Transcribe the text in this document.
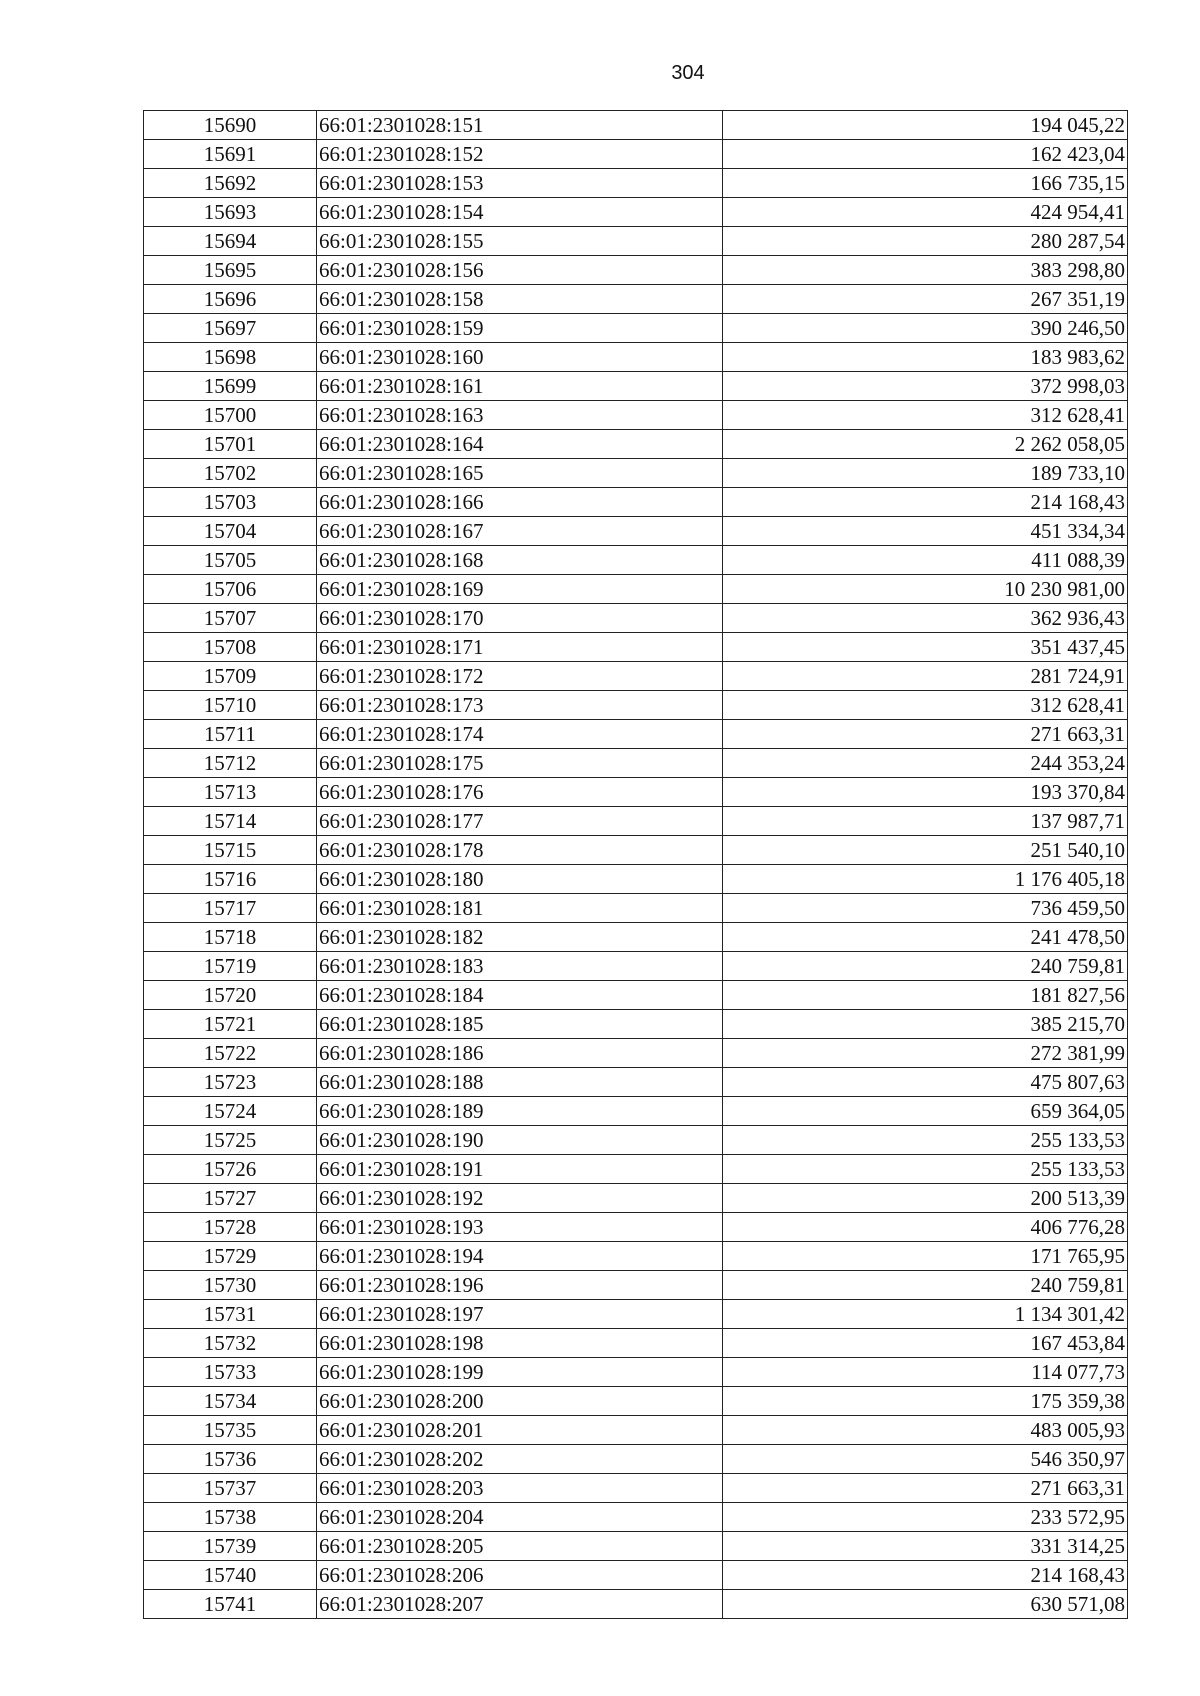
304
15690	66:01:2301028:151	194 045,22
15691	66:01:2301028:152	162 423,04
15692	66:01:2301028:153	166 735,15
15693	66:01:2301028:154	424 954,41
15694	66:01:2301028:155	280 287,54
15695	66:01:2301028:156	383 298,80
15696	66:01:2301028:158	267 351,19
15697	66:01:2301028:159	390 246,50
15698	66:01:2301028:160	183 983,62
15699	66:01:2301028:161	372 998,03
15700	66:01:2301028:163	312 628,41
15701	66:01:2301028:164	2 262 058,05
15702	66:01:2301028:165	189 733,10
15703	66:01:2301028:166	214 168,43
15704	66:01:2301028:167	451 334,34
15705	66:01:2301028:168	411 088,39
15706	66:01:2301028:169	10 230 981,00
15707	66:01:2301028:170	362 936,43
15708	66:01:2301028:171	351 437,45
15709	66:01:2301028:172	281 724,91
15710	66:01:2301028:173	312 628,41
15711	66:01:2301028:174	271 663,31
15712	66:01:2301028:175	244 353,24
15713	66:01:2301028:176	193 370,84
15714	66:01:2301028:177	137 987,71
15715	66:01:2301028:178	251 540,10
15716	66:01:2301028:180	1 176 405,18
15717	66:01:2301028:181	736 459,50
15718	66:01:2301028:182	241 478,50
15719	66:01:2301028:183	240 759,81
15720	66:01:2301028:184	181 827,56
15721	66:01:2301028:185	385 215,70
15722	66:01:2301028:186	272 381,99
15723	66:01:2301028:188	475 807,63
15724	66:01:2301028:189	659 364,05
15725	66:01:2301028:190	255 133,53
15726	66:01:2301028:191	255 133,53
15727	66:01:2301028:192	200 513,39
15728	66:01:2301028:193	406 776,28
15729	66:01:2301028:194	171 765,95
15730	66:01:2301028:196	240 759,81
15731	66:01:2301028:197	1 134 301,42
15732	66:01:2301028:198	167 453,84
15733	66:01:2301028:199	114 077,73
15734	66:01:2301028:200	175 359,38
15735	66:01:2301028:201	483 005,93
15736	66:01:2301028:202	546 350,97
15737	66:01:2301028:203	271 663,31
15738	66:01:2301028:204	233 572,95
15739	66:01:2301028:205	331 314,25
15740	66:01:2301028:206	214 168,43
15741	66:01:2301028:207	630 571,08
